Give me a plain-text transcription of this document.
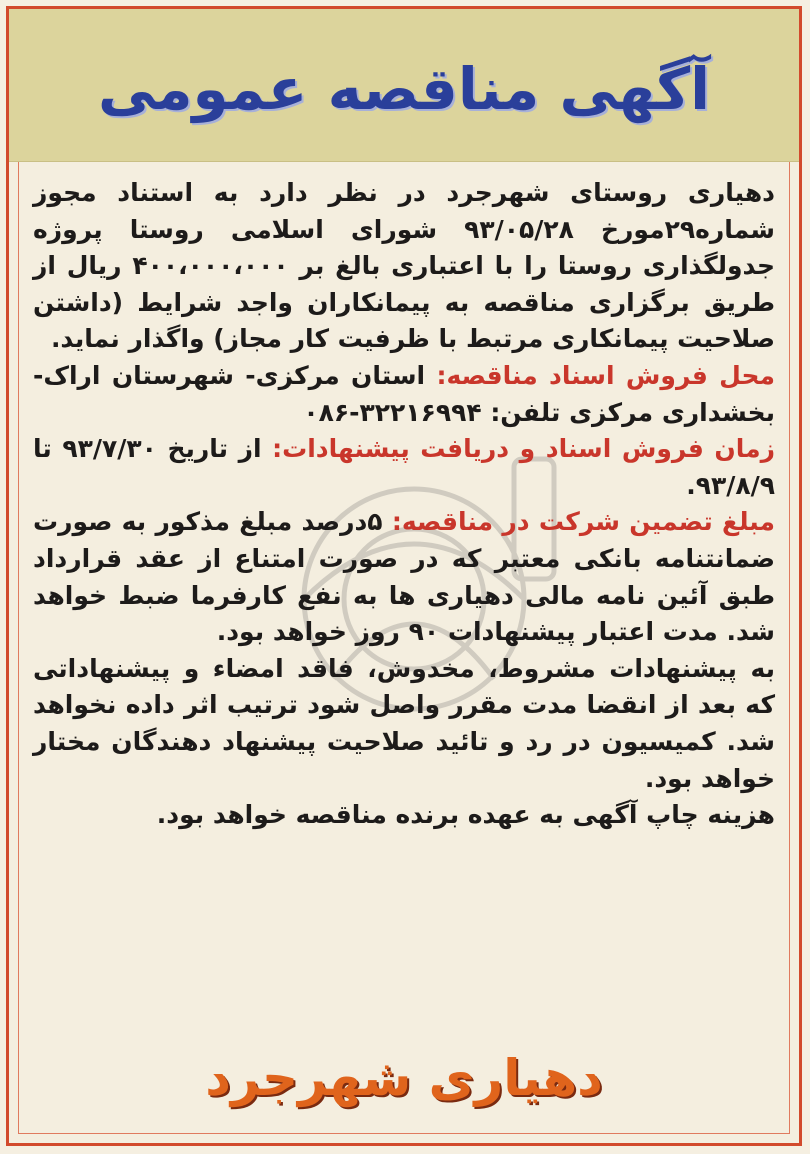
آگهی مناقصه عمومی

دهیاری روستای شهرجرد در نظر دارد به استناد مجوز شماره۲۹مورخ ۹۳/۰۵/۲۸ شورای اسلامی روستا پروژه جدولگذاری روستا را با اعتباری بالغ بر ۴۰۰،۰۰۰،۰۰۰ ریال از طریق برگزاری مناقصه به پیمانکاران واجد شرایط (داشتن صلاحیت پیمانکاری مرتبط با ظرفیت کار مجاز) واگذار نماید.

محل فروش اسناد مناقصه: استان مرکزی- شهرستان اراک- بخشداری مرکزی تلفن: ۳۲۲۱۶۹۹۴-۰۸۶

زمان فروش اسناد و دریافت پیشنهادات: از تاریخ ۹۳/۷/۳۰ تا ۹۳/۸/۹.

مبلغ تضمین شرکت در مناقصه: ۵درصد مبلغ مذکور به صورت ضمانتنامه بانکی معتبر که در صورت امتناع از عقد قرارداد طبق آئین نامه مالی دهیاری ها به نفع کارفرما ضبط خواهد شد. مدت اعتبار پیشنهادات ۹۰ روز خواهد بود.

به پیشنهادات مشروط، مخدوش، فاقد امضاء و پیشنهاداتی که بعد از انقضا مدت مقرر واصل شود ترتیب اثر داده نخواهد شد. کمیسیون در رد و تائید صلاحیت پیشنهاد دهندگان مختار خواهد بود.

هزینه چاپ آگهی به عهده برنده مناقصه خواهد بود.

دهیاری شهرجرد
